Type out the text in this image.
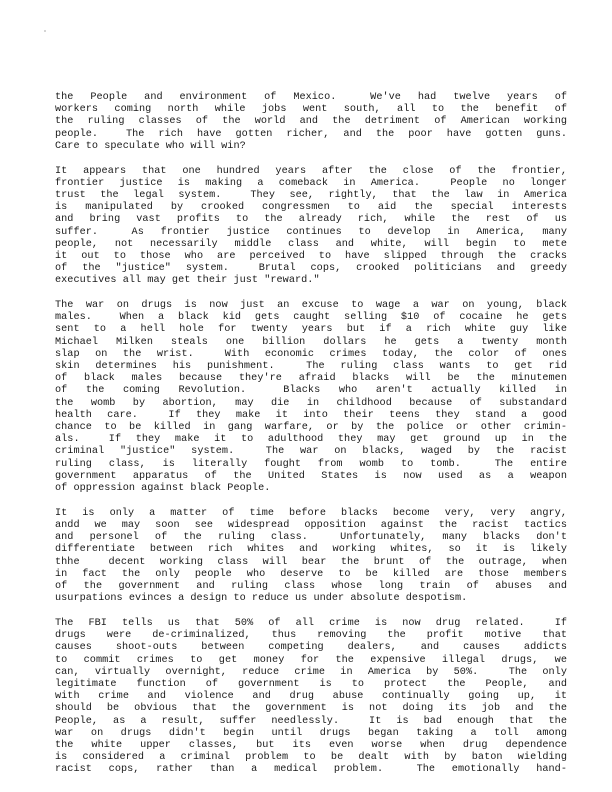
the People and environment of Mexico.  We've had twelve years of
workers coming north while jobs went south, all to the benefit of
the ruling classes of the world and the detriment of American working
people.  The rich have gotten richer, and the poor have gotten guns.
Care to speculate who will win?
It appears that one hundred years after the close of the frontier,
frontier justice is making a comeback in America.  People no longer
trust the legal system.  They see, rightly, that the law in America
is manipulated by crooked congressmen to aid the special interests
and bring vast profits to the already rich, while the rest of us
suffer.  As frontier justice continues to develop in America, many
people, not necessarily middle class and white, will begin to mete
it out to those who are perceived to have slipped through the cracks
of the "justice" system.  Brutal cops, crooked politicians and greedy
executives all may get their just "reward."
The war on drugs is now just an excuse to wage a war on young, black
males.  When a black kid gets caught selling $10 of cocaine he gets
sent to a hell hole for twenty years but if a rich white guy like
Michael Milken steals one billion dollars he gets a twenty month
slap on the wrist.  With economic crimes today, the color of ones
skin determines his punishment.  The ruling class wants to get rid
of black males because they're afraid blacks will be the minutemen
of the coming Revolution.  Blacks who aren't actually killed in
the womb by abortion, may die in childhood because of substandard
health care.  If they make it into their teens they stand a good
chance to be killed in gang warfare, or by the police or other crimin-
als.  If they make it to adulthood they may get ground up in the
criminal "justice" system.  The war on blacks, waged by the racist
ruling class, is literally fought from womb to tomb.  The entire
government apparatus of the United States is now used as a weapon
of oppression against black People.
It is only a matter of time before blacks become very, very angry,
andd we may soon see widespread opposition against the racist tactics
and personel of the ruling class.  Unfortunately, many blacks don't
differentiate between rich whites and working whites, so it is likely
thhe  decent working class will bear the brunt of the outrage, when
in fact the only people who deserve to be killed are those members
of the government and ruling class whose long train of abuses and
usurpations evinces a design to reduce us under absolute despotism.
The FBI tells us that 50% of all crime is now drug related.  If
drugs were de-criminalized, thus removing the profit motive that
causes shoot-outs between competing dealers, and causes addicts
to commit crimes to get money for the expensive illegal drugs, we
can, virtually overnight, reduce crime in America by 50%.  The only
legitimate function of government is to protect the People, and
with crime and violence and drug abuse continually going up, it
should be obvious that the government is not doing its job and the
People, as a result, suffer needlessly.  It is bad enough that the
war on drugs didn't begin until drugs began taking a toll among
the white upper classes, but its even worse when drug dependence
is considered a criminal problem to be dealt with by baton wielding
racist cops, rather than a medical problem.  The emotionally hand-
